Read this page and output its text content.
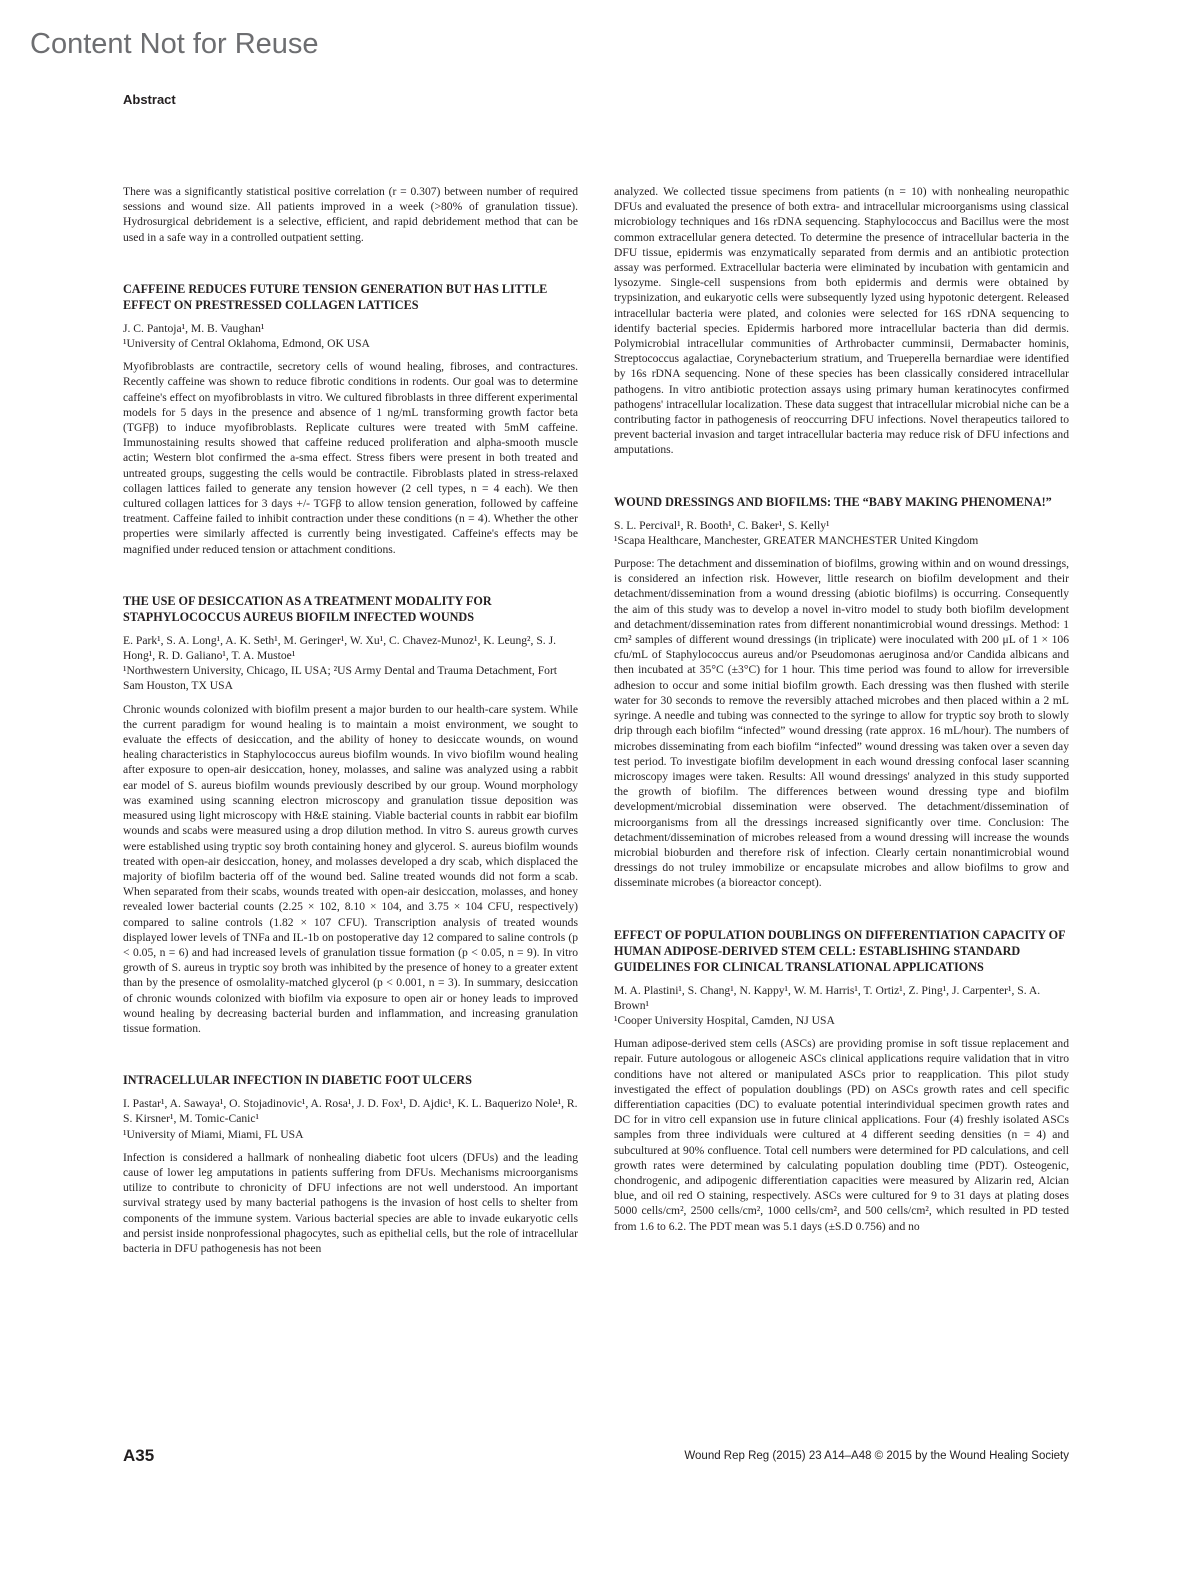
Content Not for Reuse
Abstract

There was a significantly statistical positive correlation (r = 0.307) between number of required sessions and wound size. All patients improved in a week (>80% of granulation tissue). Hydrosurgical debridement is a selective, efficient, and rapid debridement method that can be used in a safe way in a controlled outpatient setting.

CAFFEINE REDUCES FUTURE TENSION GENERATION BUT HAS LITTLE EFFECT ON PRESTRESSED COLLAGEN LATTICES

J. C. Pantoja¹, M. B. Vaughan¹

¹University of Central Oklahoma, Edmond, OK USA

Myofibroblasts are contractile, secretory cells of wound healing, fibroses, and contractures. Recently caffeine was shown to reduce fibrotic conditions in rodents. Our goal was to determine caffeine's effect on myofibroblasts in vitro. We cultured fibroblasts in three different experimental models for 5 days in the presence and absence of 1 ng/mL transforming growth factor beta (TGFβ) to induce myofibroblasts. Replicate cultures were treated with 5mM caffeine. Immunostaining results showed that caffeine reduced proliferation and alpha-smooth muscle actin; Western blot confirmed the a-sma effect. Stress fibers were present in both treated and untreated groups, suggesting the cells would be contractile. Fibroblasts plated in stress-relaxed collagen lattices failed to generate any tension however (2 cell types, n = 4 each). We then cultured collagen lattices for 3 days +/- TGFβ to allow tension generation, followed by caffeine treatment. Caffeine failed to inhibit contraction under these conditions (n = 4). Whether the other properties were similarly affected is currently being investigated. Caffeine's effects may be magnified under reduced tension or attachment conditions.

THE USE OF DESICCATION AS A TREATMENT MODALITY FOR STAPHYLOCOCCUS AUREUS BIOFILM INFECTED WOUNDS

E. Park¹, S. A. Long¹, A. K. Seth¹, M. Geringer¹, W. Xu¹, C. Chavez-Munoz¹, K. Leung², S. J. Hong¹, R. D. Galiano¹, T. A. Mustoe¹

¹Northwestern University, Chicago, IL USA; ²US Army Dental and Trauma Detachment, Fort Sam Houston, TX USA

Chronic wounds colonized with biofilm present a major burden to our health-care system. While the current paradigm for wound healing is to maintain a moist environment, we sought to evaluate the effects of desiccation, and the ability of honey to desiccate wounds, on wound healing characteristics in Staphylococcus aureus biofilm wounds. In vivo biofilm wound healing after exposure to open-air desiccation, honey, molasses, and saline was analyzed using a rabbit ear model of S. aureus biofilm wounds previously described by our group. Wound morphology was examined using scanning electron microscopy and granulation tissue deposition was measured using light microscopy with H&E staining. Viable bacterial counts in rabbit ear biofilm wounds and scabs were measured using a drop dilution method. In vitro S. aureus growth curves were established using tryptic soy broth containing honey and glycerol. S. aureus biofilm wounds treated with open-air desiccation, honey, and molasses developed a dry scab, which displaced the majority of biofilm bacteria off of the wound bed. Saline treated wounds did not form a scab. When separated from their scabs, wounds treated with open-air desiccation, molasses, and honey revealed lower bacterial counts (2.25 × 102, 8.10 × 104, and 3.75 × 104 CFU, respectively) compared to saline controls (1.82 × 107 CFU). Transcription analysis of treated wounds displayed lower levels of TNFa and IL-1b on postoperative day 12 compared to saline controls (p < 0.05, n = 6) and had increased levels of granulation tissue formation (p < 0.05, n = 9). In vitro growth of S. aureus in tryptic soy broth was inhibited by the presence of honey to a greater extent than by the presence of osmolality-matched glycerol (p < 0.001, n = 3). In summary, desiccation of chronic wounds colonized with biofilm via exposure to open air or honey leads to improved wound healing by decreasing bacterial burden and inflammation, and increasing granulation tissue formation.

INTRACELLULAR INFECTION IN DIABETIC FOOT ULCERS

I. Pastar¹, A. Sawaya¹, O. Stojadinovic¹, A. Rosa¹, J. D. Fox¹, D. Ajdic¹, K. L. Baquerizo Nole¹, R. S. Kirsner¹, M. Tomic-Canic¹

¹University of Miami, Miami, FL USA

Infection is considered a hallmark of nonhealing diabetic foot ulcers (DFUs) and the leading cause of lower leg amputations in patients suffering from DFUs. Mechanisms microorganisms utilize to contribute to chronicity of DFU infections are not well understood. An important survival strategy used by many bacterial pathogens is the invasion of host cells to shelter from components of the immune system. Various bacterial species are able to invade eukaryotic cells and persist inside nonprofessional phagocytes, such as epithelial cells, but the role of intracellular bacteria in DFU pathogenesis has not been

analyzed. We collected tissue specimens from patients (n = 10) with nonhealing neuropathic DFUs and evaluated the presence of both extra- and intracellular microorganisms using classical microbiology techniques and 16s rDNA sequencing. Staphylococcus and Bacillus were the most common extracellular genera detected. To determine the presence of intracellular bacteria in the DFU tissue, epidermis was enzymatically separated from dermis and an antibiotic protection assay was performed. Extracellular bacteria were eliminated by incubation with gentamicin and lysozyme. Single-cell suspensions from both epidermis and dermis were obtained by trypsinization, and eukaryotic cells were subsequently lyzed using hypotonic detergent. Released intracellular bacteria were plated, and colonies were selected for 16S rDNA sequencing to identify bacterial species. Epidermis harbored more intracellular bacteria than did dermis. Polymicrobial intracellular communities of Arthrobacter cumminsii, Dermabacter hominis, Streptococcus agalactiae, Corynebacterium stratium, and Trueperella bernardiae were identified by 16s rDNA sequencing. None of these species has been classically considered intracellular pathogens. In vitro antibiotic protection assays using primary human keratinocytes confirmed pathogens' intracellular localization. These data suggest that intracellular microbial niche can be a contributing factor in pathogenesis of reoccurring DFU infections. Novel therapeutics tailored to prevent bacterial invasion and target intracellular bacteria may reduce risk of DFU infections and amputations.

WOUND DRESSINGS AND BIOFILMS: THE “BABY MAKING PHENOMENA!”

S. L. Percival¹, R. Booth¹, C. Baker¹, S. Kelly¹

¹Scapa Healthcare, Manchester, GREATER MANCHESTER United Kingdom

Purpose: The detachment and dissemination of biofilms, growing within and on wound dressings, is considered an infection risk. However, little research on biofilm development and their detachment/dissemination from a wound dressing (abiotic biofilms) is occurring. Consequently the aim of this study was to develop a novel in-vitro model to study both biofilm development and detachment/dissemination rates from different nonantimicrobial wound dressings. Method: 1 cm² samples of different wound dressings (in triplicate) were inoculated with 200 μL of 1 × 106 cfu/mL of Staphylococcus aureus and/or Pseudomonas aeruginosa and/or Candida albicans and then incubated at 35°C (±3°C) for 1 hour. This time period was found to allow for irreversible adhesion to occur and some initial biofilm growth. Each dressing was then flushed with sterile water for 30 seconds to remove the reversibly attached microbes and then placed within a 2 mL syringe. A needle and tubing was connected to the syringe to allow for tryptic soy broth to slowly drip through each biofilm “infected” wound dressing (rate approx. 16 mL/hour). The numbers of microbes disseminating from each biofilm “infected” wound dressing was taken over a seven day test period. To investigate biofilm development in each wound dressing confocal laser scanning microscopy images were taken. Results: All wound dressings' analyzed in this study supported the growth of biofilm. The differences between wound dressing type and biofilm development/microbial dissemination were observed. The detachment/dissemination of microorganisms from all the dressings increased significantly over time. Conclusion: The detachment/dissemination of microbes released from a wound dressing will increase the wounds microbial bioburden and therefore risk of infection. Clearly certain nonantimicrobial wound dressings do not truley immobilize or encapsulate microbes and allow biofilms to grow and disseminate microbes (a bioreactor concept).

EFFECT OF POPULATION DOUBLINGS ON DIFFERENTIATION CAPACITY OF HUMAN ADIPOSE-DERIVED STEM CELL: ESTABLISHING STANDARD GUIDELINES FOR CLINICAL TRANSLATIONAL APPLICATIONS

M. A. Plastini¹, S. Chang¹, N. Kappy¹, W. M. Harris¹, T. Ortiz¹, Z. Ping¹, J. Carpenter¹, S. A. Brown¹

¹Cooper University Hospital, Camden, NJ USA

Human adipose-derived stem cells (ASCs) are providing promise in soft tissue replacement and repair. Future autologous or allogeneic ASCs clinical applications require validation that in vitro conditions have not altered or manipulated ASCs prior to reapplication. This pilot study investigated the effect of population doublings (PD) on ASCs growth rates and cell specific differentiation capacities (DC) to evaluate potential interindividual specimen growth rates and DC for in vitro cell expansion use in future clinical applications. Four (4) freshly isolated ASCs samples from three individuals were cultured at 4 different seeding densities (n = 4) and subcultured at 90% confluence. Total cell numbers were determined for PD calculations, and cell growth rates were determined by calculating population doubling time (PDT). Osteogenic, chondrogenic, and adipogenic differentiation capacities were measured by Alizarin red, Alcian blue, and oil red O staining, respectively. ASCs were cultured for 9 to 31 days at plating doses 5000 cells/cm², 2500 cells/cm², 1000 cells/cm², and 500 cells/cm², which resulted in PD tested from 1.6 to 6.2. The PDT mean was 5.1 days (±S.D 0.756) and no

A35	Wound Rep Reg (2015) 23 A14–A48 © 2015 by the Wound Healing Society
